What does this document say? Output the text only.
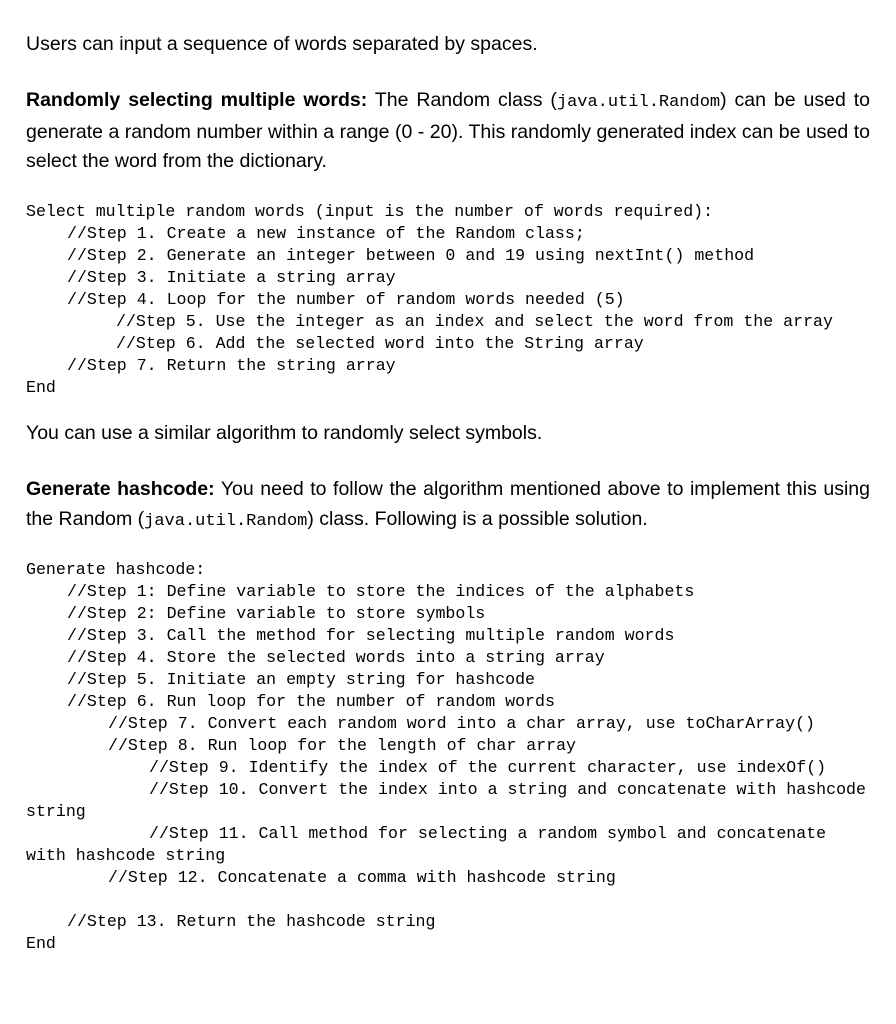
Users can input a sequence of words separated by spaces.

Randomly selecting multiple words: The Random class (java.util.Random) can be used to generate a random number within a range (0 - 20). This randomly generated index can be used to select the word from the dictionary.

Select multiple random words (input is the number of words required):
//Step 1. Create a new instance of the Random class;
//Step 2. Generate an integer between 0 and 19 using nextInt() method
//Step 3. Initiate a string array
//Step 4. Loop for the number of random words needed (5)
//Step 5. Use the integer as an index and select the word from the array
//Step 6. Add the selected word into the String array
//Step 7. Return the string array
End

You can use a similar algorithm to randomly select symbols.

Generate hashcode: You need to follow the algorithm mentioned above to implement this using the Random (java.util.Random) class. Following is a possible solution.

Generate hashcode:
//Step 1: Define variable to store the indices of the alphabets
//Step 2: Define variable to store symbols
//Step 3. Call the method for selecting multiple random words
//Step 4. Store the selected words into a string array
//Step 5. Initiate an empty string for hashcode
//Step 6. Run loop for the number of random words
//Step 7. Convert each random word into a char array, use toCharArray()
//Step 8. Run loop for the length of char array
//Step 9. Identify the index of the current character, use indexOf()
//Step 10. Convert the index into a string and concatenate with hashcode
string
//Step 11. Call method for selecting a random symbol and concatenate
with hashcode string
//Step 12. Concatenate a comma with hashcode string
//Step 13. Return the hashcode string
End
